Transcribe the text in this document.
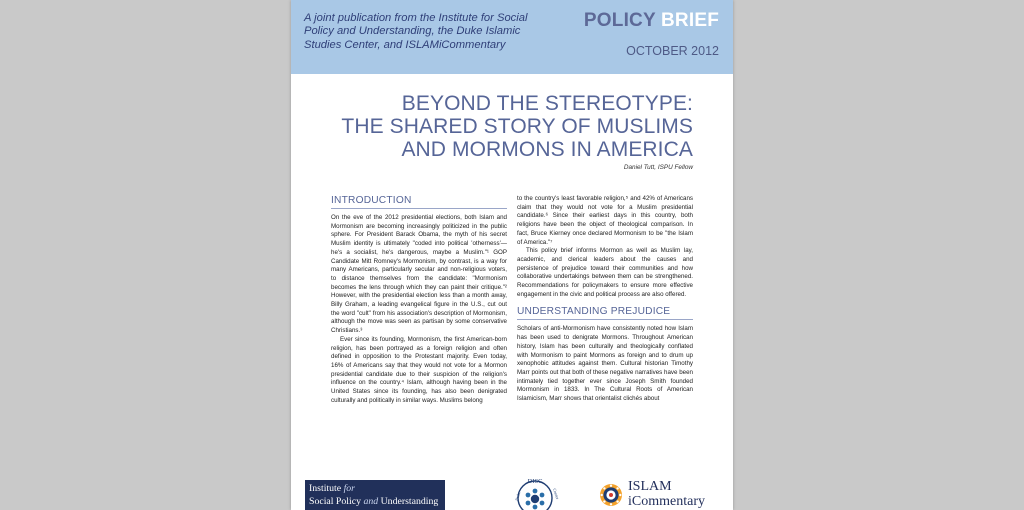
A joint publication from the Institute for Social Policy and Understanding, the Duke Islamic Studies Center, and ISLAMiCommentary
POLICY BRIEF
OCTOBER 2012
BEYOND THE STEREOTYPE:
THE SHARED STORY OF MUSLIMS
AND MORMONS IN AMERICA
Daniel Tutt, ISPU Fellow
INTRODUCTION

On the eve of the 2012 presidential elections, both Islam and Mormonism are becoming increasingly politicized in the public sphere. For President Barack Obama, the myth of his secret Muslim identity is ultimately "coded into political 'otherness'—he's a socialist, he's dangerous, maybe a Muslim."¹ GOP Candidate Mitt Romney's Mormonism, by contrast, is a way for many Americans, particularly secular and non-religious voters, to distance themselves from the candidate: "Mormonism becomes the lens through which they can paint their critique."² However, with the presidential election less than a month away, Billy Graham, a leading evangelical figure in the U.S., cut out the word "cult" from his association's description of Mormonism, although the move was seen as partisan by some conservative Christians.³

Ever since its founding, Mormonism, the first American-born religion, has been portrayed as a foreign religion and often defined in opposition to the Protestant majority. Even today, 16% of Americans say that they would not vote for a Mormon presidential candidate due to their suspicion of the religion's influence on the country.⁴ Islam, although having been in the United States since its founding, has also been denigrated culturally and politically in similar ways. Muslims belong

to the country's least favorable religion,⁵ and 42% of Americans claim that they would not vote for a Muslim presidential candidate.⁶ Since their earliest days in this country, both religions have been the object of theological comparison. In fact, Bruce Kierney once declared Mormonism to be "the Islam of America."⁷

This policy brief informs Mormon as well as Muslim lay, academic, and clerical leaders about the causes and persistence of prejudice toward their communities and how collaborative undertakings between them can be strengthened. Recommendations for policymakers to ensure more effective engagement in the civic and political process are also offered.

UNDERSTANDING PREJUDICE

Scholars of anti-Mormonism have consistently noted how Islam has been used to denigrate Mormons. Throughout American history, Islam has been culturally and theologically conflated with Mormonism to paint Mormons as foreign and to drum up xenophobic attitudes against them. Cultural historian Timothy Marr points out that both of these negative narratives have been intimately tied together ever since Joseph Smith founded Mormonism in 1833. In The Cultural Roots of American Islamicism, Marr shows that orientalist clichés about

Institute for
Social Policy and Understanding
DISC
Duke	Center	ISLAM
iCommentary
